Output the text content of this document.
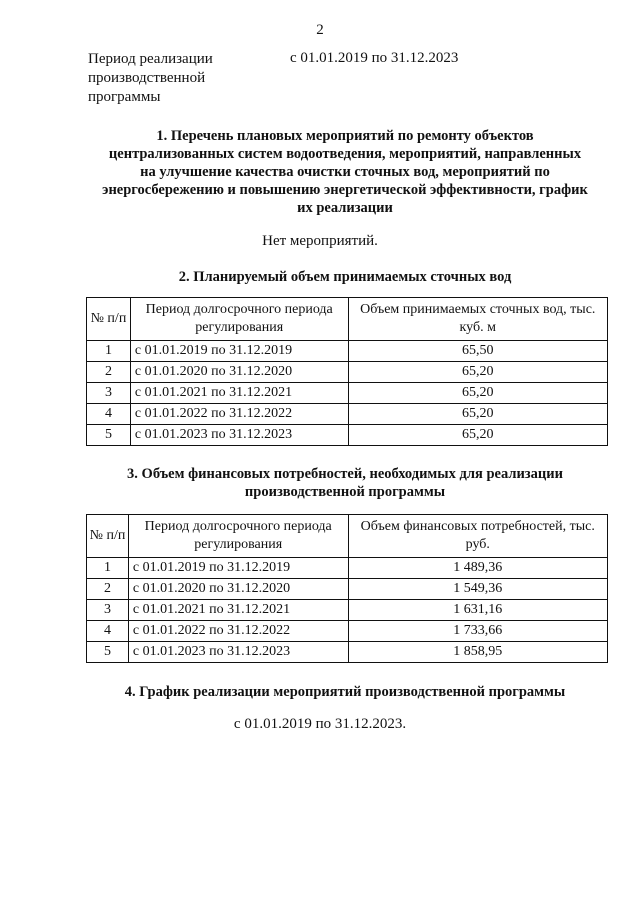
2
Период реализации производственной программы
с 01.01.2019 по 31.12.2023
1. Перечень плановых мероприятий по ремонту объектов централизованных систем водоотведения, мероприятий, направленных на улучшение качества очистки сточных вод, мероприятий по энергосбережению и повышению энергетической эффективности, график их реализации
Нет мероприятий.
2. Планируемый объем принимаемых сточных вод
№ п/п	Период долгосрочного периода регулирования	Объем принимаемых сточных вод, тыс. куб. м
1	с 01.01.2019 по 31.12.2019	65,50
2	с 01.01.2020 по 31.12.2020	65,20
3	с 01.01.2021 по 31.12.2021	65,20
4	с 01.01.2022 по 31.12.2022	65,20
5	с 01.01.2023 по 31.12.2023	65,20
3. Объем финансовых потребностей, необходимых для реализации производственной программы
№ п/п	Период долгосрочного периода регулирования	Объем финансовых потребностей, тыс. руб.
1	с 01.01.2019 по 31.12.2019	1 489,36
2	с 01.01.2020 по 31.12.2020	1 549,36
3	с 01.01.2021 по 31.12.2021	1 631,16
4	с 01.01.2022 по 31.12.2022	1 733,66
5	с 01.01.2023 по 31.12.2023	1 858,95
4. График реализации мероприятий производственной программы
с 01.01.2019 по 31.12.2023.
